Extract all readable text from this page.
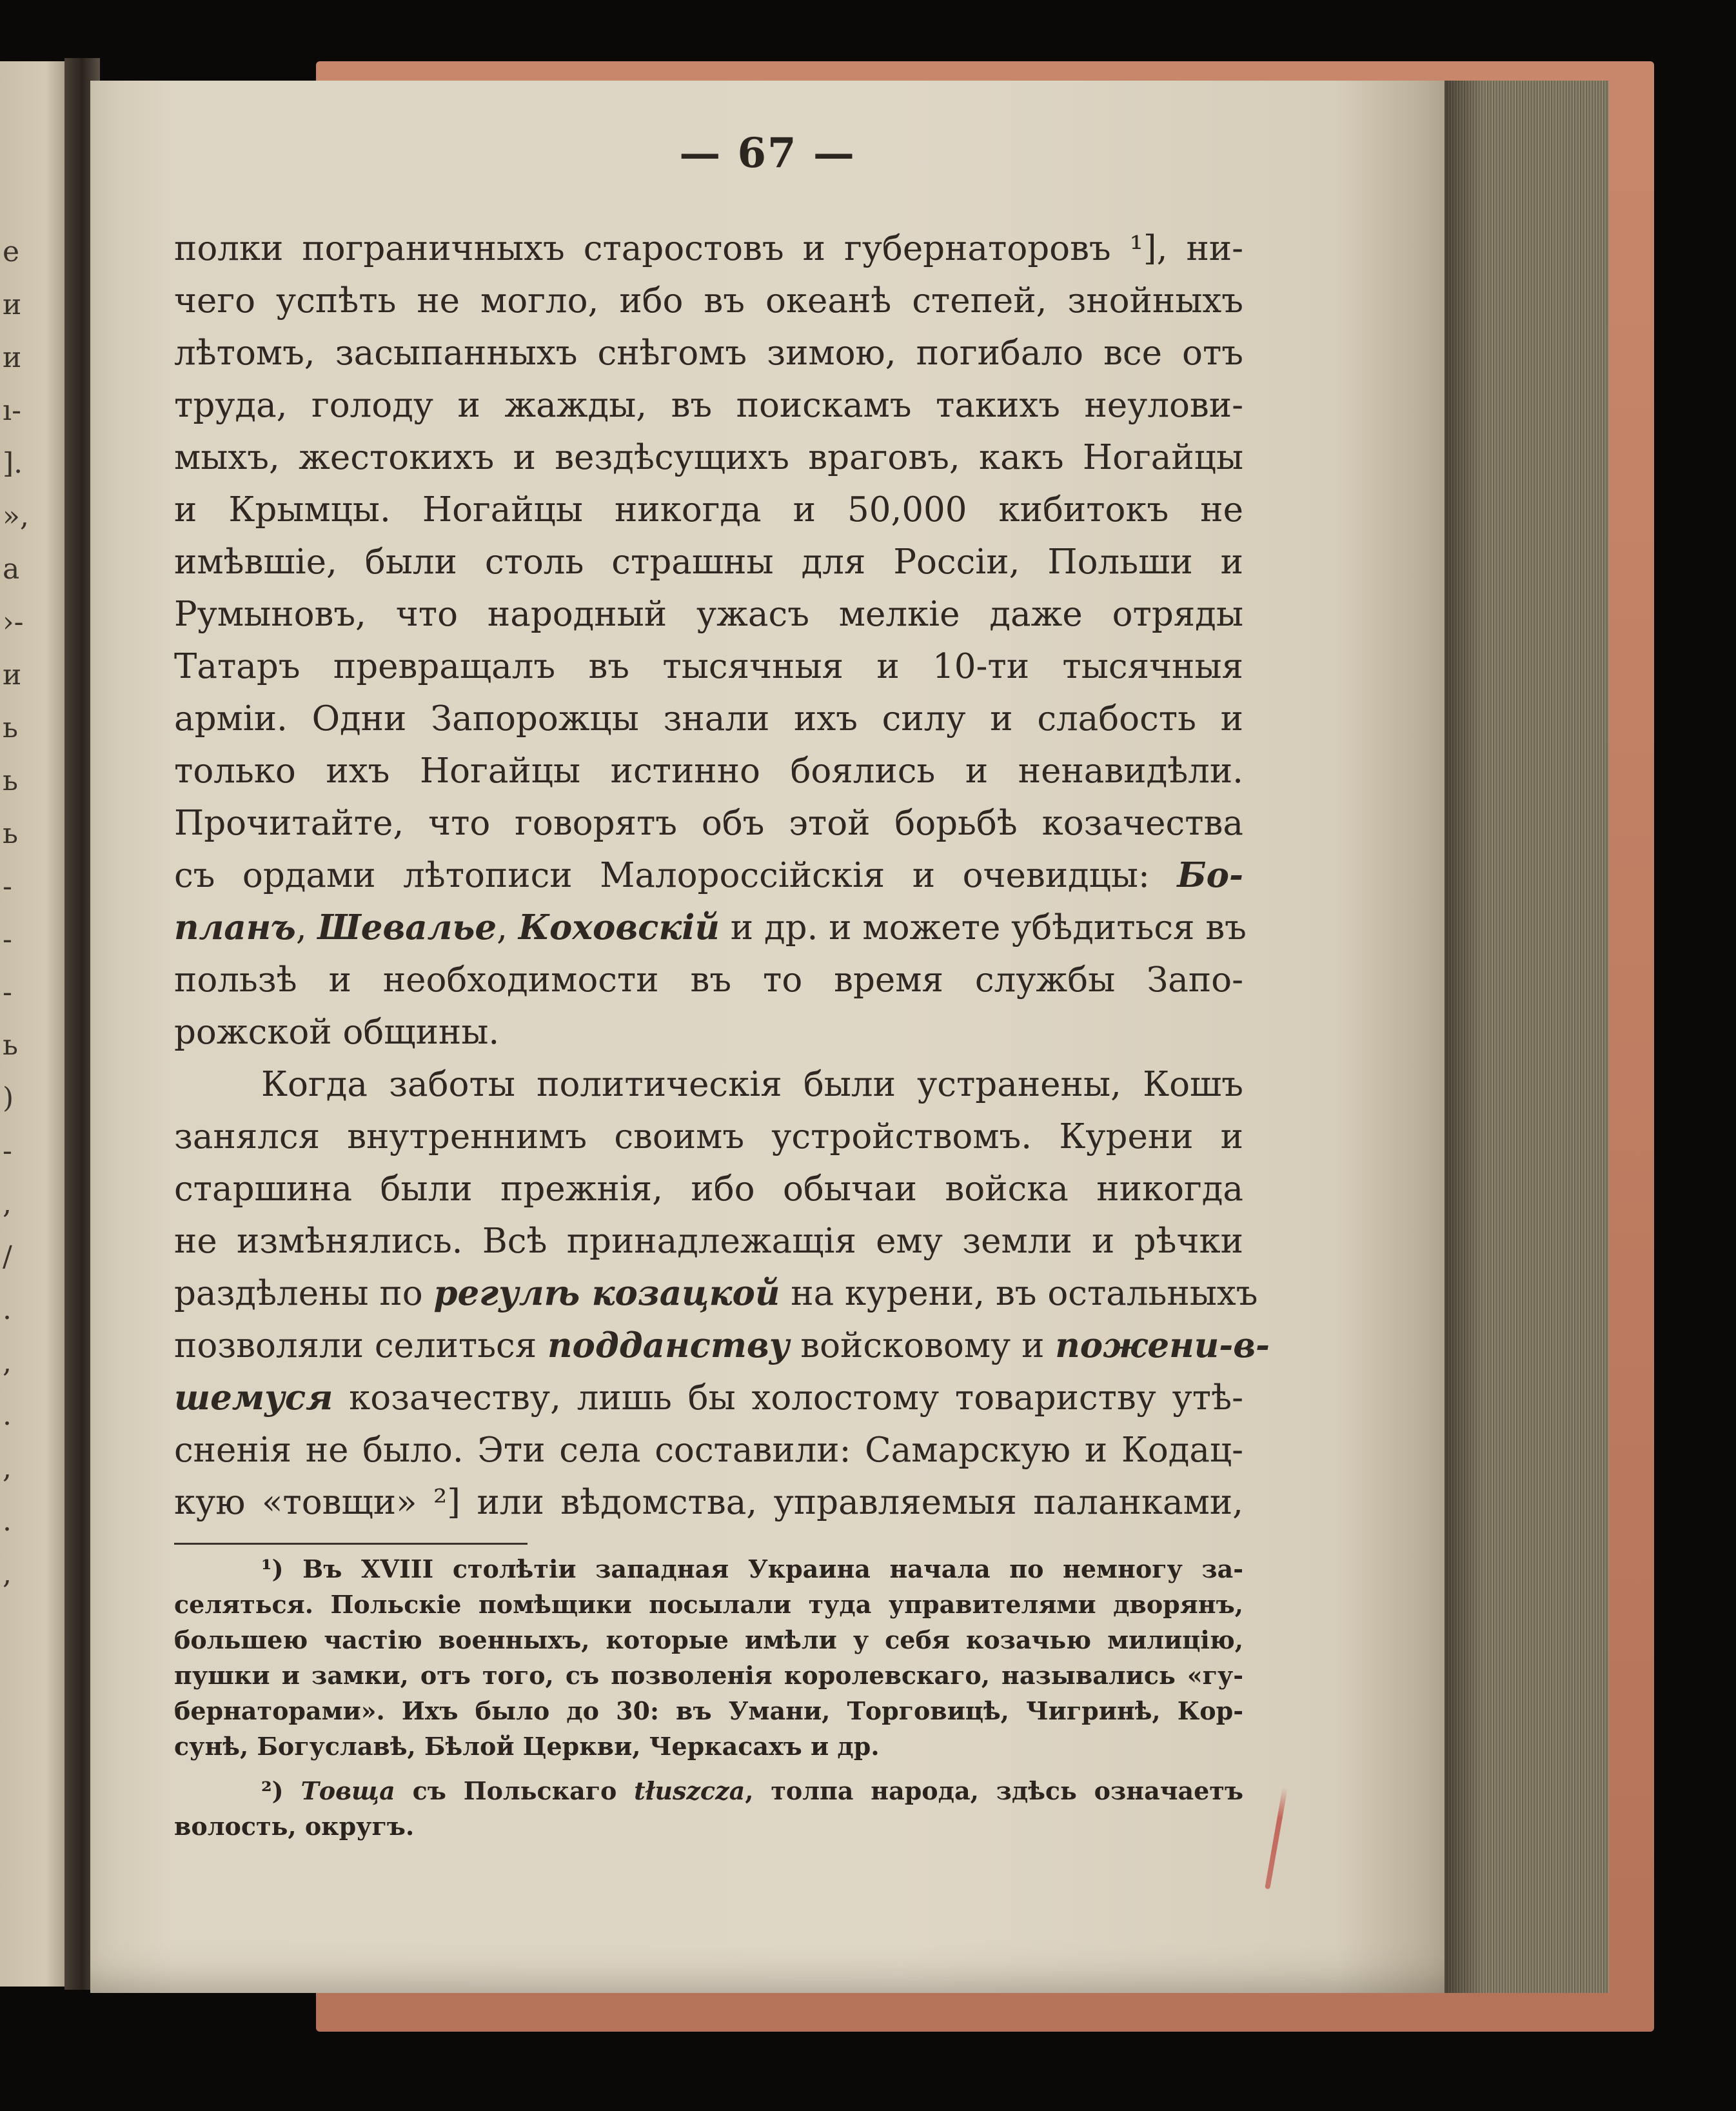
е
и
и
ı-
].
»,
а
›-
и
ь
ь
ь
-
-
-
ь
)
-
,
/
.
,
.
,
.
,
— 67 —
полки пограничныхъ старостовъ и губернаторовъ ¹], ни-
чего успѣть не могло, ибо въ океанѣ степей, знойныхъ
лѣтомъ, засыпанныхъ снѣгомъ зимою, погибало все отъ
труда, голоду и жажды, въ поискамъ такихъ неулови-
мыхъ, жестокихъ и вездѣсущихъ враговъ, какъ Ногайцы
и Крымцы. Ногайцы никогда и 50,000 кибитокъ не
имѣвшіе, были столь страшны для Россіи, Польши и
Румыновъ, что народный ужасъ мелкіе даже отряды
Татаръ превращалъ въ тысячныя и 10-ти тысячныя
арміи. Одни Запорожцы знали ихъ силу и слабость и
только ихъ Ногайцы истинно боялись и ненавидѣли.
Прочитайте, что говорятъ объ этой борьбѣ козачества
съ ордами лѣтописи Малороссійскія и очевидцы: Бо-
планъ, Шевалье, Коховскій и др. и можете убѣдиться въ
пользѣ и необходимости въ то время службы Запо-
рожской общины.
Когда заботы политическія были устранены, Кошъ
занялся внутреннимъ своимъ устройствомъ. Курени и
старшина были прежнія, ибо обычаи войска никогда
не измѣнялись. Всѣ принадлежащія ему земли и рѣчки
раздѣлены по регулѣ козацкой на курени, въ остальныхъ
позволяли селиться подданству войсковому и пожени-в-
шемуся козачеству, лишь бы холостому товариству утѣ-
сненія не было. Эти села составили: Самарскую и Кодац-
кую «товщи» ²] или вѣдомства, управляемыя паланками,
¹) Въ XVIII столѣтіи западная Украина начала по немногу за-
селяться. Польскіе помѣщики посылали туда управителями дворянъ,
большею частію военныхъ, которые имѣли у себя козачью милицію,
пушки и замки, отъ того, съ позволенія королевскаго, назывались «гу-
бернаторами». Ихъ было до 30: въ Умани, Торговицѣ, Чигринѣ, Кор-
сунѣ, Богуславѣ, Бѣлой Церкви, Черкасахъ и др.
²) Товща съ Польскаго tłuszcza, толпа народа, здѣсь означаетъ
волость, округъ.
